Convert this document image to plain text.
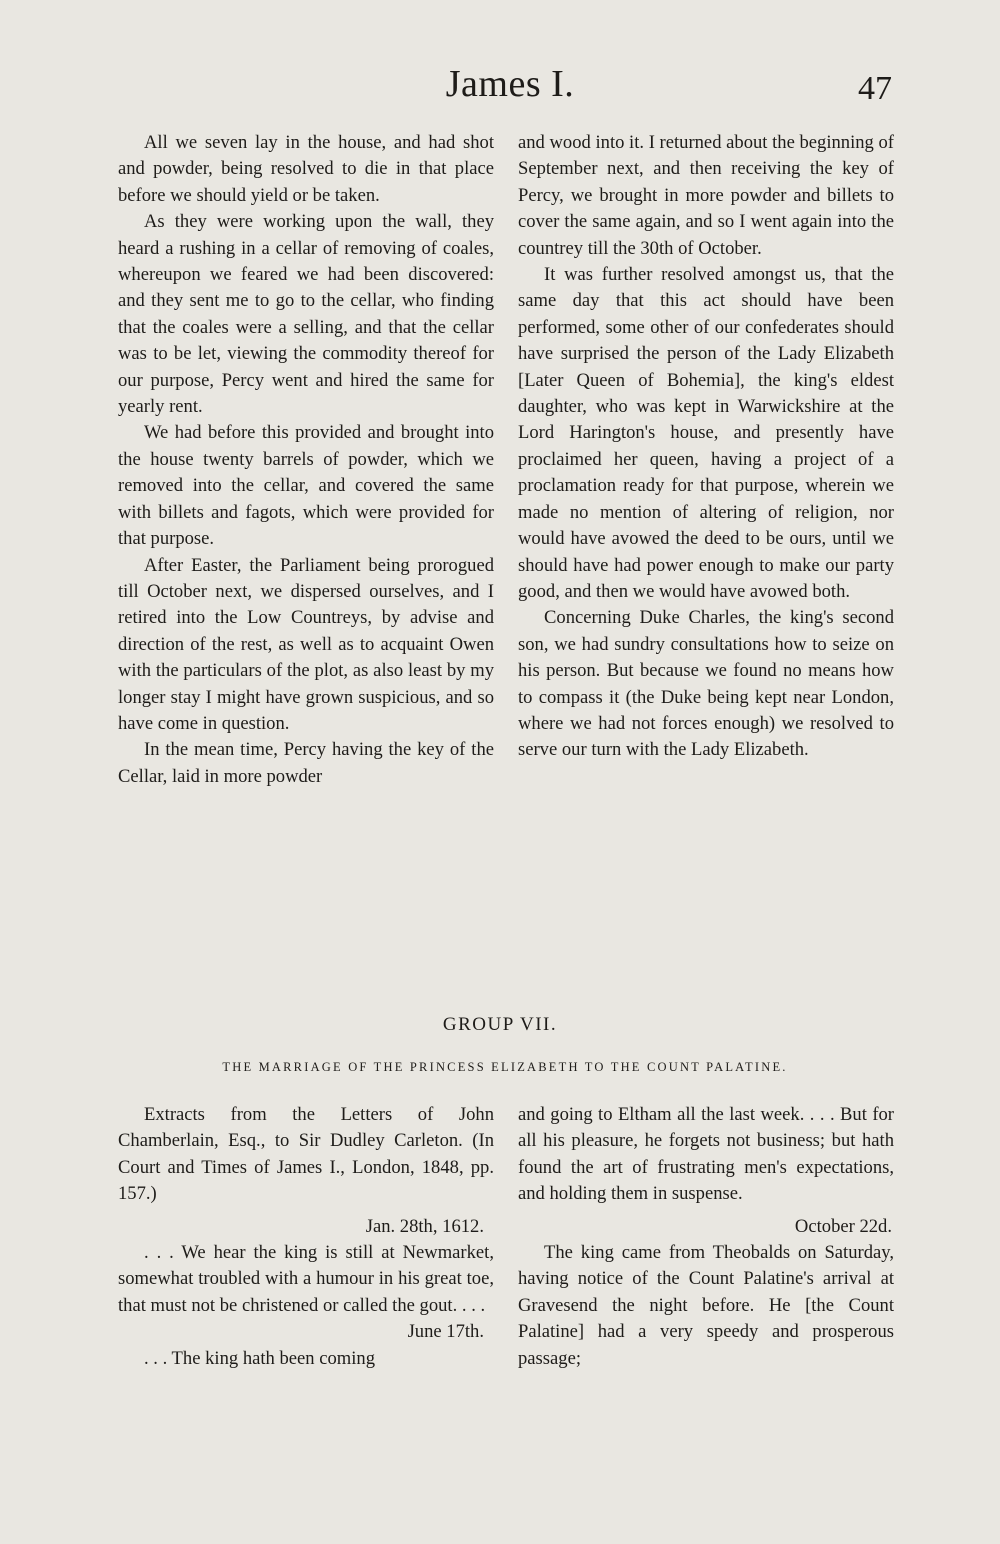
James I.	47

All we seven lay in the house, and had shot and powder, being resolved to die in that place before we should yield or be taken.

As they were working upon the wall, they heard a rushing in a cellar of removing of coales, whereupon we feared we had been discovered: and they sent me to go to the cellar, who finding that the coales were a selling, and that the cellar was to be let, viewing the commodity thereof for our purpose, Percy went and hired the same for yearly rent.

We had before this provided and brought into the house twenty barrels of powder, which we removed into the cellar, and covered the same with billets and fagots, which were provided for that purpose.

After Easter, the Parliament being prorogued till October next, we dispersed ourselves, and I retired into the Low Countreys, by advise and direction of the rest, as well as to acquaint Owen with the particulars of the plot, as also least by my longer stay I might have grown suspicious, and so have come in question.

In the mean time, Percy having the key of the Cellar, laid in more powder

and wood into it. I returned about the beginning of September next, and then receiving the key of Percy, we brought in more powder and billets to cover the same again, and so I went again into the countrey till the 30th of October.

It was further resolved amongst us, that the same day that this act should have been performed, some other of our confederates should have surprised the person of the Lady Elizabeth [Later Queen of Bohemia], the king's eldest daughter, who was kept in Warwickshire at the Lord Harington's house, and presently have proclaimed her queen, having a project of a proclamation ready for that purpose, wherein we made no mention of altering of religion, nor would have avowed the deed to be ours, until we should have had power enough to make our party good, and then we would have avowed both.

Concerning Duke Charles, the king's second son, we had sundry consultations how to seize on his person. But because we found no means how to compass it (the Duke being kept near London, where we had not forces enough) we resolved to serve our turn with the Lady Elizabeth.

GROUP VII.
THE MARRIAGE OF THE PRINCESS ELIZABETH TO THE COUNT PALATINE.

Extracts from the Letters of John Chamberlain, Esq., to Sir Dudley Carleton. (In Court and Times of James I., London, 1848, pp. 157.)

Jan. 28th, 1612.

. . . We hear the king is still at Newmarket, somewhat troubled with a humour in his great toe, that must not be christened or called the gout. . . .

June 17th.

. . . The king hath been coming

and going to Eltham all the last week. . . . But for all his pleasure, he forgets not business; but hath found the art of frustrating men's expectations, and holding them in suspense.

October 22d.

The king came from Theobalds on Saturday, having notice of the Count Palatine's arrival at Gravesend the night before. He [the Count Palatine] had a very speedy and prosperous passage;
